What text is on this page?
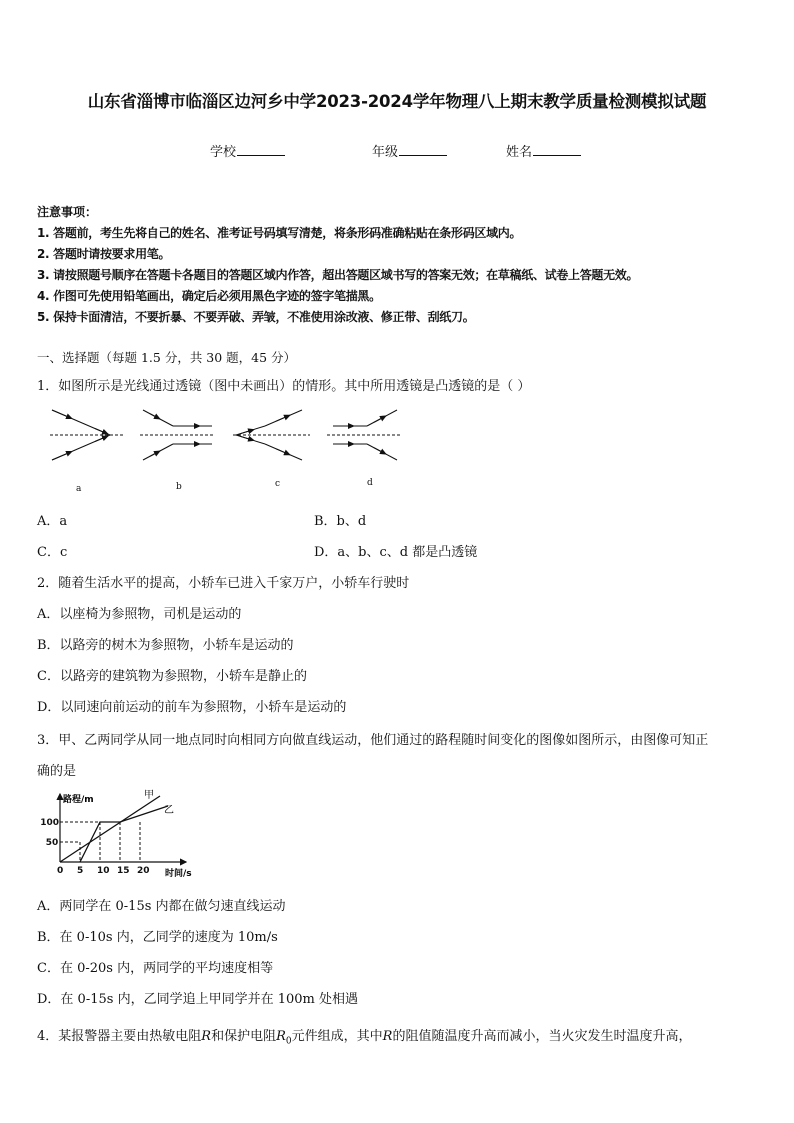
山东省淄博市临淄区边河乡中学2023-2024学年物理八上期末教学质量检测模拟试题
学校	年级	姓名
注意事项：
1. 答题前，考生先将自己的姓名、准考证号码填写清楚，将条形码准确粘贴在条形码区域内。
2. 答题时请按要求用笔。
3. 请按照题号顺序在答题卡各题目的答题区域内作答，超出答题区域书写的答案无效；在草稿纸、试卷上答题无效。
4. 作图可先使用铅笔画出，确定后必须用黑色字迹的签字笔描黑。
5. 保持卡面清洁，不要折暴、不要弄破、弄皱，不准使用涂改液、修正带、刮纸刀。
一、选择题（每题 1.5 分，共 30 题，45 分）
1．如图所示是光线通过透镜（图中未画出）的情形。其中所用透镜是凸透镜的是（ ）
a	b	c	d
A．a	B．b、d
C．c	D．a、b、c、d 都是凸透镜
2．随着生活水平的提高，小轿车已进入千家万户，小轿车行驶时
A．以座椅为参照物，司机是运动的
B．以路旁的树木为参照物，小轿车是运动的
C．以路旁的建筑物为参照物，小轿车是静止的
D．以同速向前运动的前车为参照物，小轿车是运动的
3．甲、乙两同学从同一地点同时向相同方向做直线运动，他们通过的路程随时间变化的图像如图所示，由图像可知正
确的是
0 5 10 15 20
50
100
路程/m
时间/s
甲
乙
A．两同学在 0-15s 内都在做匀速直线运动
B．在 0-10s 内，乙同学的速度为 10m/s
C．在 0-20s 内，两同学的平均速度相等
D．在 0-15s 内，乙同学追上甲同学并在 100m 处相遇
4．某报警器主要由热敏电阻R和保护电阻$R_0$元件组成，其中R的阻值随温度升高而减小，当火灾发生时温度升高，
